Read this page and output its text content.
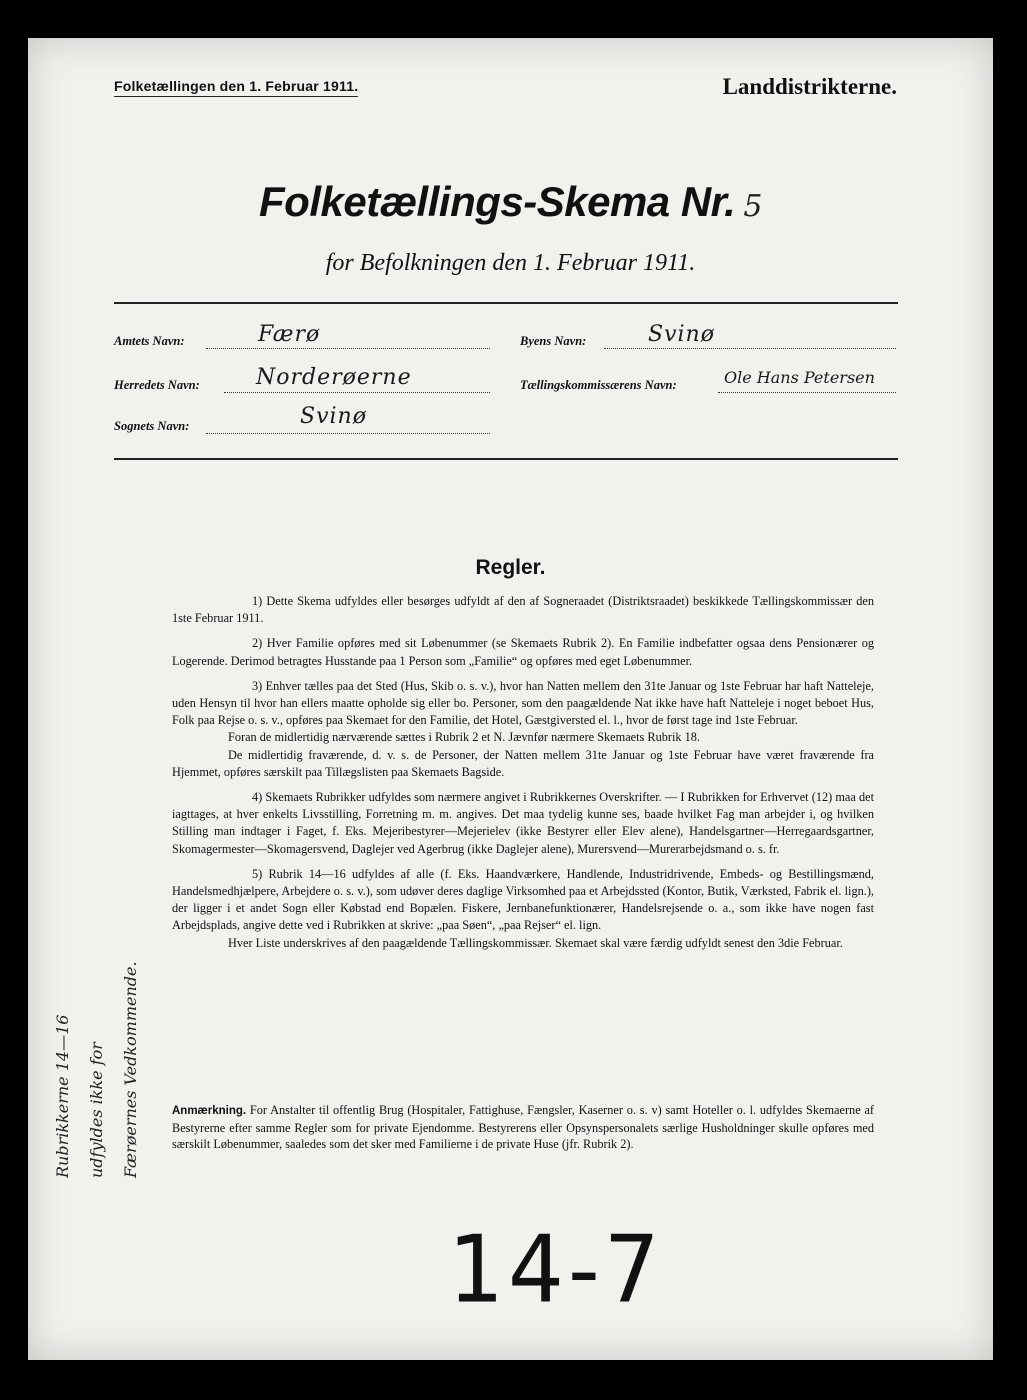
Folketællingen den 1. Februar 1911.	Landdistrikterne.
Folketællings-Skema Nr. 5
for Befolkningen den 1. Februar 1911.
Amtets Navn:	Færø
Herredets Navn:	Norderøerne
Sognets Navn:	Svinø
Byens Navn:	Svinø
Tællingskommissærens Navn:	Ole Hans Petersen
Regler.

1) Dette Skema udfyldes eller besørges udfyldt af den af Sogneraadet (Distriktsraadet) beskikkede Tællingskommissær den 1ste Februar 1911.

2) Hver Familie opføres med sit Løbenummer (se Skemaets Rubrik 2). En Familie indbefatter ogsaa dens Pensionærer og Logerende. Derimod betragtes Husstande paa 1 Person som „Familie“ og opføres med eget Løbenummer.

3) Enhver tælles paa det Sted (Hus, Skib o. s. v.), hvor han Natten mellem den 31te Januar og 1ste Februar har haft Natteleje, uden Hensyn til hvor han ellers maatte opholde sig eller bo. Personer, som den paagældende Nat ikke have haft Natteleje i noget beboet Hus, Folk paa Rejse o. s. v., opføres paa Skemaet for den Familie, det Hotel, Gæstgiversted el. l., hvor de først tage ind 1ste Februar.

Foran de midlertidig nærværende sættes i Rubrik 2 et N. Jævnfør nærmere Skemaets Rubrik 18.

De midlertidig fraværende, d. v. s. de Personer, der Natten mellem 31te Januar og 1ste Februar have været fraværende fra Hjemmet, opføres særskilt paa Tillægslisten paa Skemaets Bagside.

4) Skemaets Rubrikker udfyldes som nærmere angivet i Rubrikkernes Overskrifter. — I Rubrikken for Erhvervet (12) maa det iagttages, at hver enkelts Livsstilling, Forretning m. m. angives. Det maa tydelig kunne ses, baade hvilket Fag man arbejder i, og hvilken Stilling man indtager i Faget, f. Eks. Mejeribestyrer—Mejerielev (ikke Bestyrer eller Elev alene), Handelsgartner—Herregaardsgartner, Skomagermester—Skomagersvend, Daglejer ved Agerbrug (ikke Daglejer alene), Murersvend—Murerarbejdsmand o. s. fr.

5) Rubrik 14—16 udfyldes af alle (f. Eks. Haandværkere, Handlende, Industridrivende, Embeds- og Bestillingsmænd, Handelsmedhjælpere, Arbejdere o. s. v.), som udøver deres daglige Virksomhed paa et Arbejdssted (Kontor, Butik, Værksted, Fabrik el. lign.), der ligger i et andet Sogn eller Købstad end Bopælen. Fiskere, Jernbanefunktionærer, Handelsrejsende o. a., som ikke have nogen fast Arbejdsplads, angive dette ved i Rubrikken at skrive: „paa Søen“, „paa Rejser“ el. lign.

Hver Liste underskrives af den paagældende Tællingskommissær. Skemaet skal være færdig udfyldt senest den 3die Februar.

Anmærkning. For Anstalter til offentlig Brug (Hospitaler, Fattighuse, Fængsler, Kaserner o. s. v) samt Hoteller o. l. udfyldes Skemaerne af Bestyrerne efter samme Regler som for private Ejendomme. Bestyrerens eller Opsynspersonalets særlige Husholdninger skulle opføres med særskilt Løbenummer, saaledes som det sker med Familierne i de private Huse (jfr. Rubrik 2).
Rubrikkerne 14—16 udfyldes ikke for Færøernes Vedkommende.
14-7
